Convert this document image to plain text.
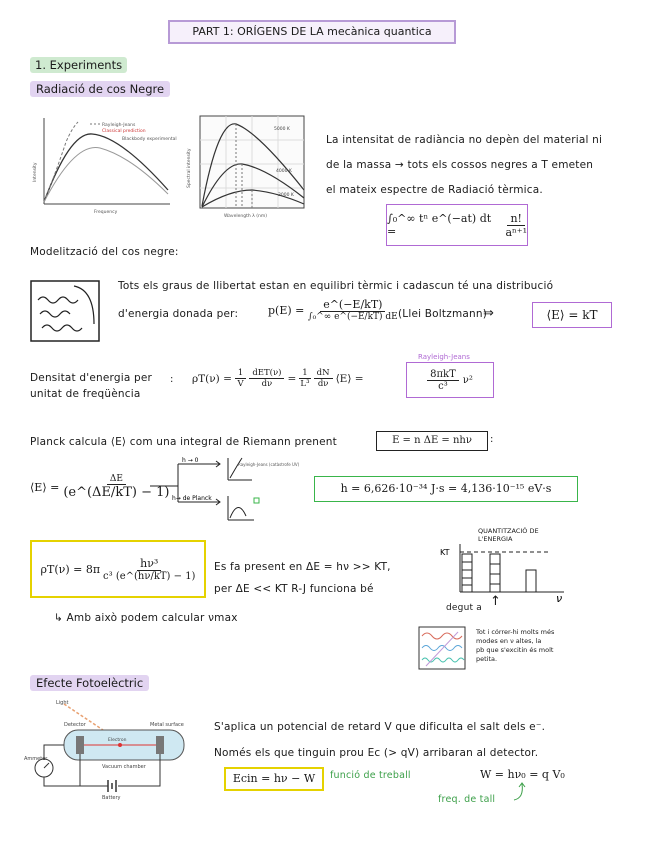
PART 1: ORÍGENS DE LA mecànica quantica
1. Experiments
Radiació de cos Negre
Rayleigh-Jeans
Classical prediction
Blackbody experimental
Frequency
Intensity
5000 K
4000 K
3000 K
Wavelength λ (nm)
Spectral intensity
La intensitat de radiància no depèn del material ni
de la massa → tots els cossos negres a T emeten
el mateix espectre de Radiació tèrmica.
∫₀^∞ tⁿ e^(−at) dt =
	$\frac{n!}{\text{aⁿ⁺¹}}$
Modelització del cos negre:
Tots els graus de llibertat estan en equilibri tèrmic i cadascun té una distribució
d'energia donada per:	p(E) =
$\frac{e\^{}(-E/kT)}{\text{∫₀\textasciicircum{}∞ e\textasciicircum{}(−E/kT) dE}}$ (Llei Boltzmann)
⇒	⟨E⟩ = kT
Densitat d'energia per
unitat de freqüència
: $\rho T(\nu) = \frac{1}{V} \frac{\text{dET(ν)}}{d\nu} = \frac{1}{\text{L³}} \frac{dN}{d\nu}$ ⟨E⟩ =
Rayleigh-Jeans
$\frac{\text{8πkT}}{\text{c³}} \nu^2$
Planck calcula ⟨E⟩ com una integral de Riemann prenent	E = n ΔE = nhν	:
⟨E⟩ = $\frac{\Delta E}{(e\^{}(\Delta E/kT) - 1)}$
h → 0
h→ de Planck
Rayleigh-Jeans (catàstrofe UV)
h = 6,626·10⁻³⁴ J·s = 4,136·10⁻¹⁵ eV·s
$\rho T(\nu) = 8\pi \frac{\text{hν³}}{\text{c³ (e\textasciicircum{}(hν/kT) − 1)}}$ Es fa present en ΔE = hν >> KT,
per ΔE << KT R-J funciona bé
↳ Amb això podem calcular νmax
QUANTITZACIÓ DE L'ENERGIA
KT
ν
degut a ↑
Tot i córrer-hi molts més
modes en ν altes, la
pb que s'excitin és molt
petita.
Efecte Fotoelèctric
Light
Detector	Metal surface
Electron
Ammeter
Vacuum chamber
Battery
S'aplica un potencial de retard V que dificulta el salt dels e⁻.
Només els que tinguin prou Ec (> qV) arribaran al detector.
Ecin = hν − W	funció de treball	W = hν₀ = q V₀
freq. de tall
